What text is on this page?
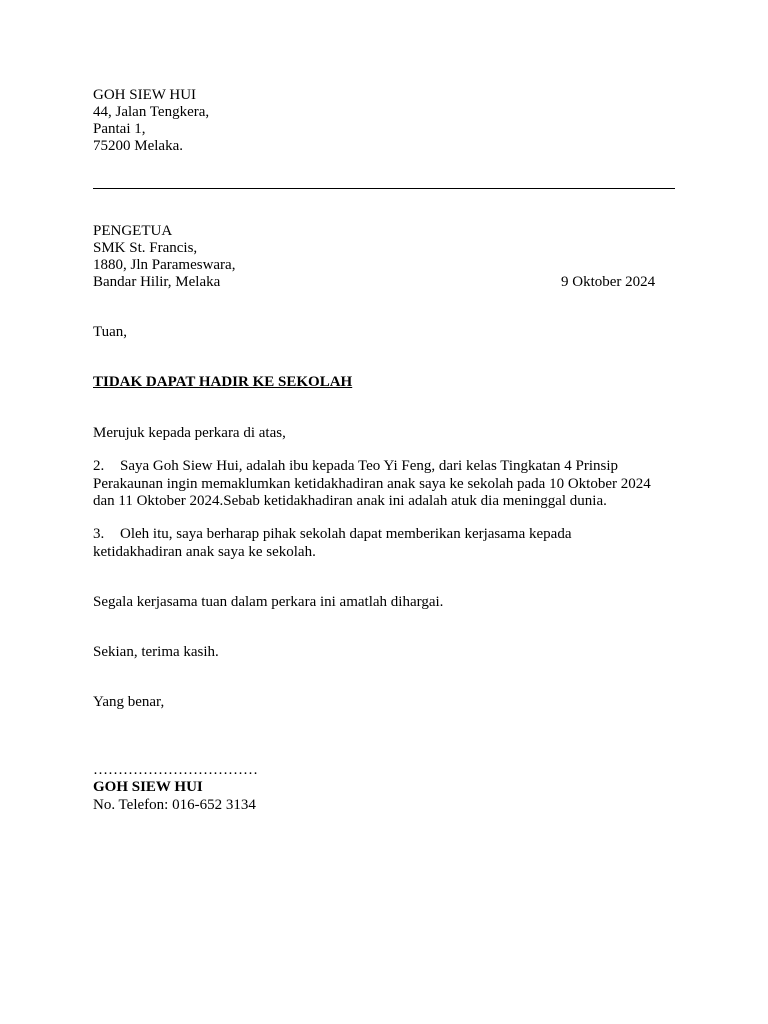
GOH SIEW HUI
44, Jalan Tengkera,
Pantai 1,
75200 Melaka.
PENGETUA
SMK St. Francis,
1880, Jln Parameswara,
Bandar Hilir, Melaka	9 Oktober 2024
Tuan,
TIDAK DAPAT HADIR KE SEKOLAH
Merujuk kepada perkara di atas,
2. Saya Goh Siew Hui, adalah ibu kepada Teo Yi Feng, dari kelas Tingkatan 4 Prinsip
Perakaunan ingin memaklumkan ketidakhadiran anak saya ke sekolah pada 10 Oktober 2024
dan 11 Oktober 2024.Sebab ketidakhadiran anak ini adalah atuk dia meninggal dunia.
3. Oleh itu, saya berharap pihak sekolah dapat memberikan kerjasama kepada
ketidakhadiran anak saya ke sekolah.
Segala kerjasama tuan dalam perkara ini amatlah dihargai.
Sekian, terima kasih.
Yang benar,
……………………………
GOH SIEW HUI
No. Telefon: 016-652 3134
